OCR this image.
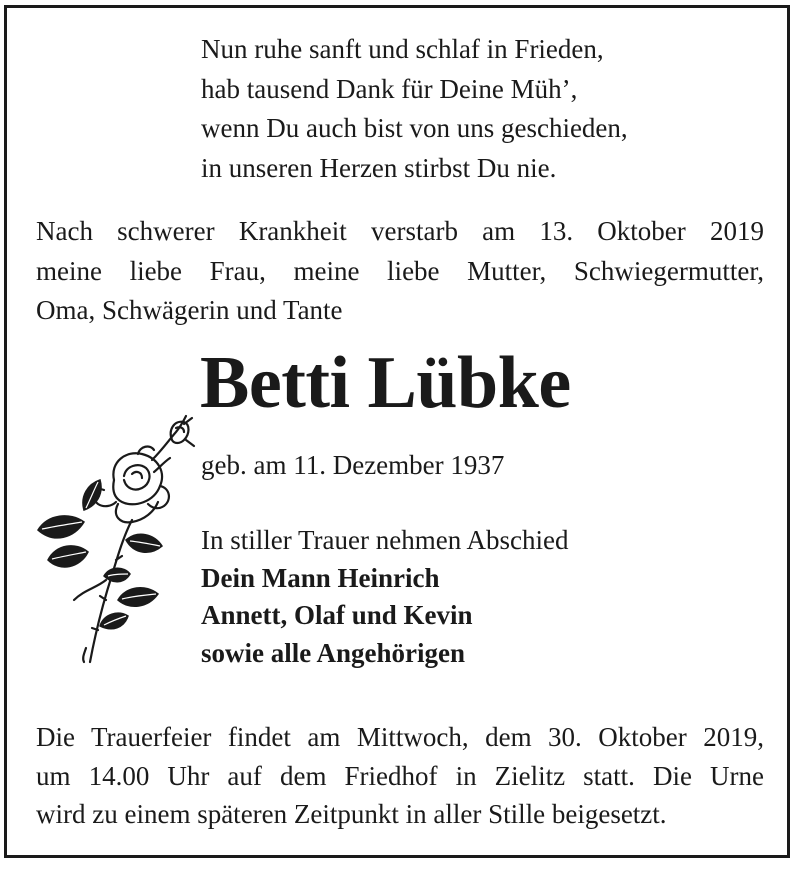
Nun ruhe sanft und schlaf in Frieden,
hab tausend Dank für Deine Müh’,
wenn Du auch bist von uns geschieden,
in unseren Herzen stirbst Du nie.
Nach schwerer Krankheit verstarb am 13. Oktober 2019
meine liebe Frau, meine liebe Mutter, Schwiegermutter,
Oma, Schwägerin und Tante
Betti Lübke
geb. am 11. Dezember 1937
In stiller Trauer nehmen Abschied
Dein Mann Heinrich
Annett, Olaf und Kevin
sowie alle Angehörigen
Die Trauerfeier findet am Mittwoch, dem 30. Oktober 2019,
um 14.00 Uhr auf dem Friedhof in Zielitz statt. Die Urne
wird zu einem späteren Zeitpunkt in aller Stille beigesetzt.
